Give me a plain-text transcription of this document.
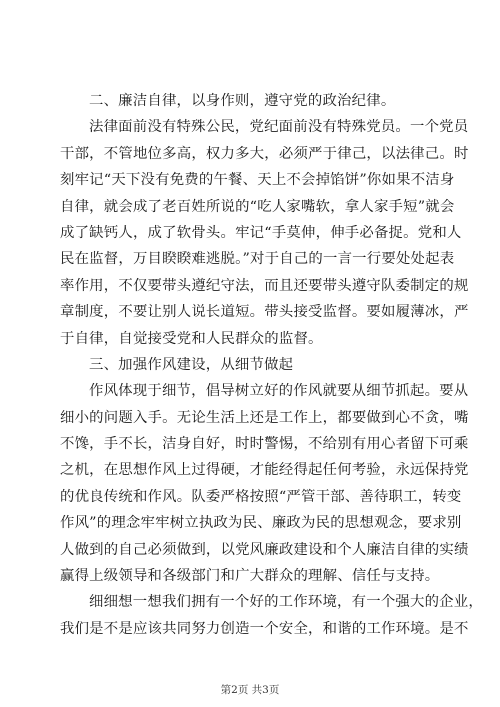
二、廉洁自律，以身作则，遵守党的政治纪律。
法律面前没有特殊公民，党纪面前没有特殊党员。一个党员
干部，不管地位多高，权力多大，必须严于律己，以法律己。时
刻牢记“天下没有免费的午餐、天上不会掉馅饼”你如果不洁身
自律，就会成了老百姓所说的“吃人家嘴软，拿人家手短”就会
成了缺钙人，成了软骨头。牢记“手莫伸，伸手必备捉。党和人
民在监督，万目睽睽难逃脱。”对于自己的一言一行要处处起表
率作用，不仅要带头遵纪守法，而且还要带头遵守队委制定的规
章制度，不要让别人说长道短。带头接受监督。要如履薄冰，严
于自律，自觉接受党和人民群众的监督。
三、加强作风建设，从细节做起
作风体现于细节，倡导树立好的作风就要从细节抓起。要从
细小的问题入手。无论生活上还是工作上，都要做到心不贪，嘴
不馋，手不长，洁身自好，时时警惕，不给别有用心者留下可乘
之机，在思想作风上过得硬，才能经得起任何考验，永远保持党
的优良传统和作风。队委严格按照“严管干部、善待职工，转变
作风”的理念牢牢树立执政为民、廉政为民的思想观念，要求别
人做到的自己必须做到，以党风廉政建设和个人廉洁自律的实绩
赢得上级领导和各级部门和广大群众的理解、信任与支持。
细细想一想我们拥有一个好的工作环境，有一个强大的企业，
我们是不是应该共同努力创造一个安全，和谐的工作环境。是不
第2页 共3页
